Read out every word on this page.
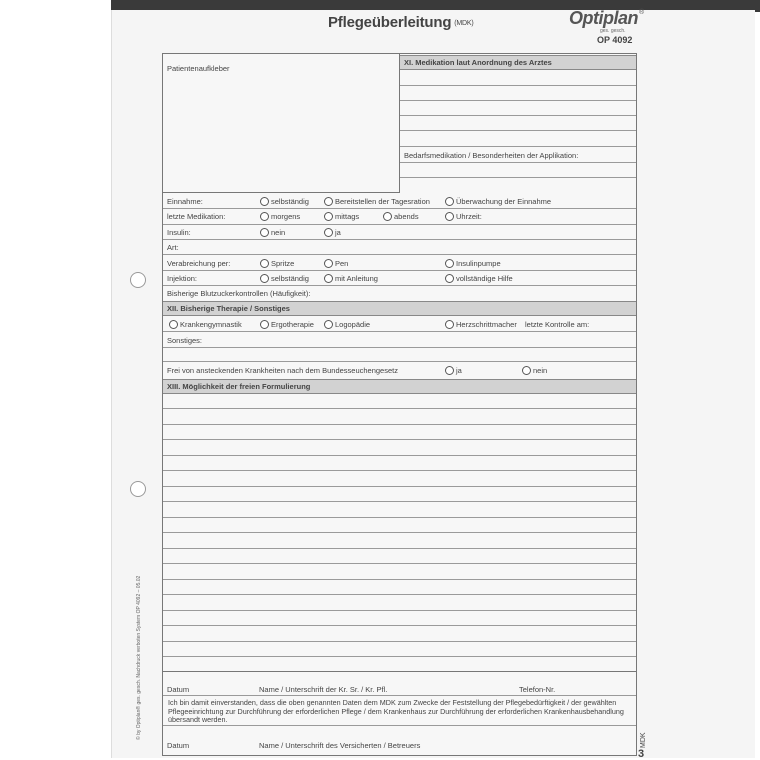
Pflegeüberleitung (MDK)	Optiplan ®
ges. gesch.
OP 4092
© by Optiplan® ges. gesch. Nachdruck verboten System OP 4092 – 05.02
MDK
3
Patientenaufkleber
XI. Medikation laut Anordnung des Arztes
Bedarfsmedikation / Besonderheiten der Applikation:
Einnahme:	selbständig	Bereitstellen der Tagesration	Überwachung der Einnahme
letzte Medikation:	morgens	mittags	abends	Uhrzeit:
Insulin:	nein	ja
Art:
Verabreichung per:	Spritze	Pen	Insulinpumpe
Injektion:	selbständig	mit Anleitung	vollständige Hilfe
Bisherige Blutzuckerkontrollen (Häufigkeit):
XII. Bisherige Therapie / Sonstiges
Krankengymnastik	Ergotherapie	Logopädie	Herzschrittmacher letzte Kontrolle am:
Sonstiges:
Frei von ansteckenden Krankheiten nach dem Bundesseuchengesetz	ja	nein
XIII. Möglichkeit der freien Formulierung
Datum	Name / Unterschrift der Kr. Sr. / Kr. Pfl.	Telefon-Nr.
Ich bin damit einverstanden, dass die oben genannten Daten dem MDK zum Zwecke der Feststellung der Pflegebedürftigkeit / der gewählten Pflegeeinrichtung zur Durchführung der erforderlichen Pflege / dem Krankenhaus zur Durchführung der erforderlichen Krankenhausbehandlung übersandt werden.
Datum	Name / Unterschrift des Versicherten / Betreuers
